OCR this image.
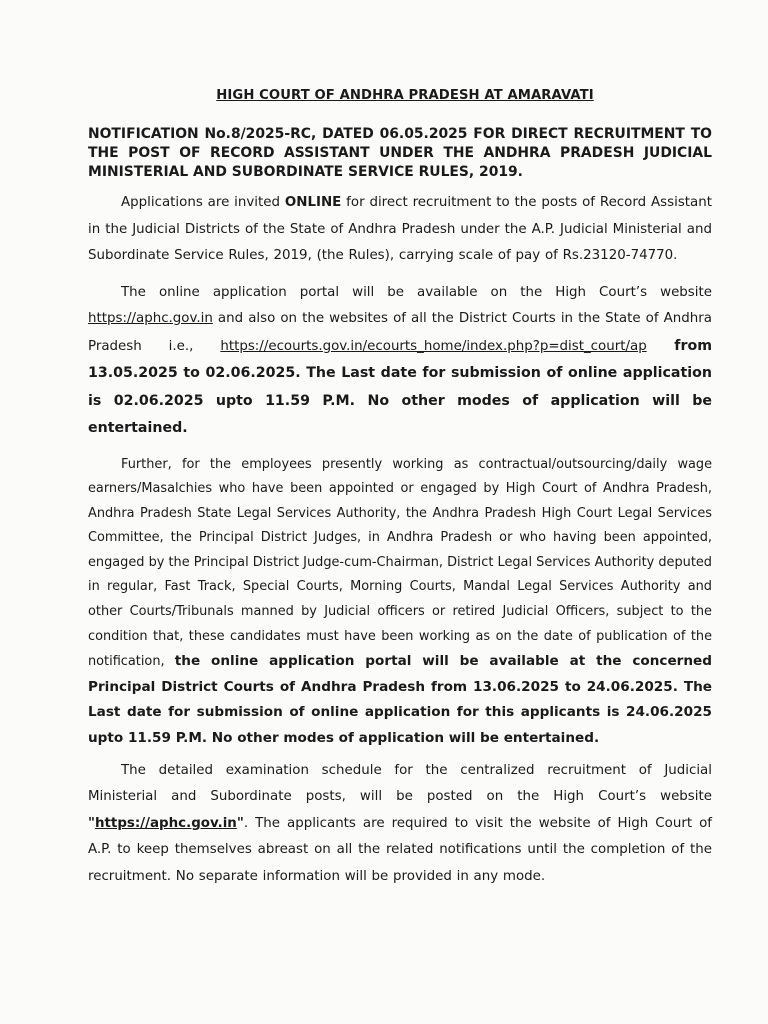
HIGH COURT OF ANDHRA PRADESH AT AMARAVATI
NOTIFICATION No.8/2025-RC, DATED 06.05.2025 FOR DIRECT RECRUITMENT TO THE POST OF RECORD ASSISTANT UNDER THE ANDHRA PRADESH JUDICIAL MINISTERIAL AND SUBORDINATE SERVICE RULES, 2019.

Applications are invited ONLINE for direct recruitment to the posts of Record Assistant in the Judicial Districts of the State of Andhra Pradesh under the A.P. Judicial Ministerial and Subordinate Service Rules, 2019, (the Rules), carrying scale of pay of Rs.23120-74770.

The online application portal will be available on the High Court’s website https://aphc.gov.in and also on the websites of all the District Courts in the State of Andhra Pradesh i.e., https://ecourts.gov.in/ecourts_home/index.php?p=dist_court/ap from 13.05.2025 to 02.06.2025. The Last date for submission of online application is 02.06.2025 upto 11.59 P.M. No other modes of application will be entertained.

Further, for the employees presently working as contractual/outsourcing/daily wage earners/Masalchies who have been appointed or engaged by High Court of Andhra Pradesh, Andhra Pradesh State Legal Services Authority, the Andhra Pradesh High Court Legal Services Committee, the Principal District Judges, in Andhra Pradesh or who having been appointed, engaged by the Principal District Judge-cum-Chairman, District Legal Services Authority deputed in regular, Fast Track, Special Courts, Morning Courts, Mandal Legal Services Authority and other Courts/Tribunals manned by Judicial officers or retired Judicial Officers, subject to the condition that, these candidates must have been working as on the date of publication of the notification, the online application portal will be available at the concerned Principal District Courts of Andhra Pradesh from 13.06.2025 to 24.06.2025. The Last date for submission of online application for this applicants is 24.06.2025 upto 11.59 P.M. No other modes of application will be entertained.

The detailed examination schedule for the centralized recruitment of Judicial Ministerial and Subordinate posts, will be posted on the High Court’s website "https://aphc.gov.in". The applicants are required to visit the website of High Court of A.P. to keep themselves abreast on all the related notifications until the completion of the recruitment. No separate information will be provided in any mode.
